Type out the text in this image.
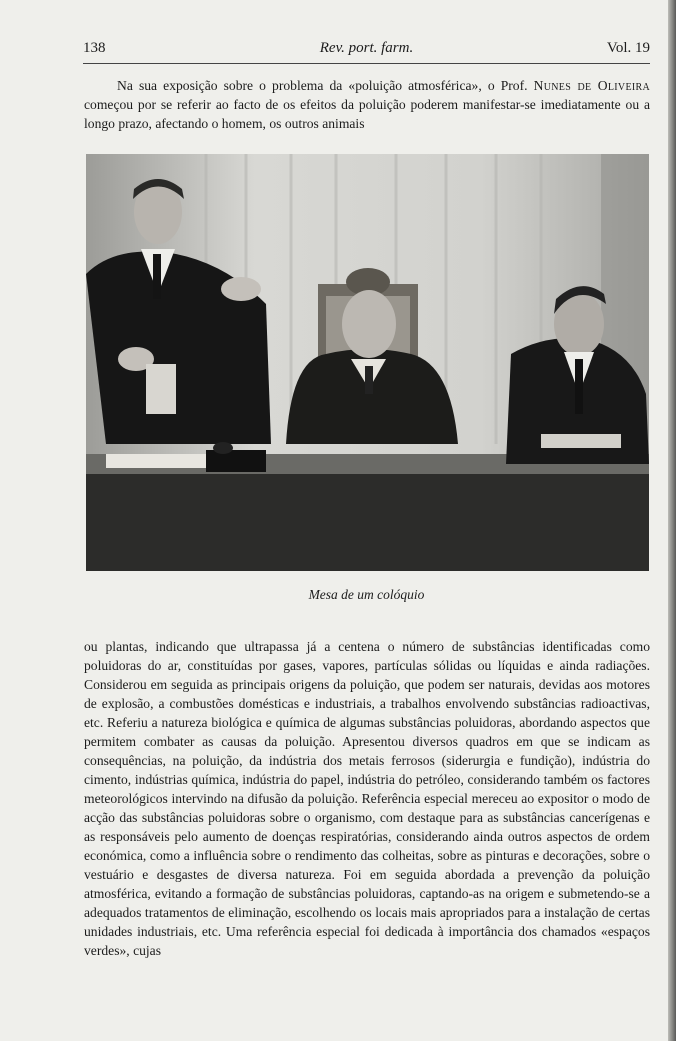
138	Rev. port. farm.	Vol. 19

Na sua exposição sobre o problema da «poluição atmosférica», o Prof. Nunes de Oliveira começou por se referir ao facto de os efeitos da poluição poderem manifestar-se imediatamente ou a longo prazo, afectando o homem, os outros animais

Mesa de um colóquio

ou plantas, indicando que ultrapassa já a centena o número de substâncias identificadas como poluidoras do ar, constituídas por gases, vapores, partículas sólidas ou líquidas e ainda radiações. Considerou em seguida as principais origens da poluição, que podem ser naturais, devidas aos motores de explosão, a combustões domésticas e industriais, a trabalhos envolvendo substâncias radioactivas, etc. Referiu a natureza biológica e química de algumas substâncias poluidoras, abordando aspectos que permitem combater as causas da poluição. Apresentou diversos quadros em que se indicam as consequências, na poluição, da indústria dos metais ferrosos (siderurgia e fundição), indústria do cimento, indústrias química, indústria do papel, indústria do petróleo, considerando também os factores meteorológicos intervindo na difusão da poluição. Referência especial mereceu ao expositor o modo de acção das substâncias poluidoras sobre o organismo, com destaque para as substâncias cancerígenas e as responsáveis pelo aumento de doenças respiratórias, considerando ainda outros aspectos de ordem económica, como a influência sobre o rendimento das colheitas, sobre as pinturas e decorações, sobre o vestuário e desgastes de diversa natureza. Foi em seguida abordada a prevenção da poluição atmosférica, evitando a formação de substâncias poluidoras, captando-as na origem e submetendo-se a adequados tratamentos de eliminação, escolhendo os locais mais apropriados para a instalação de certas unidades industriais, etc. Uma referência especial foi dedicada à importância dos chamados «espaços verdes», cujas
